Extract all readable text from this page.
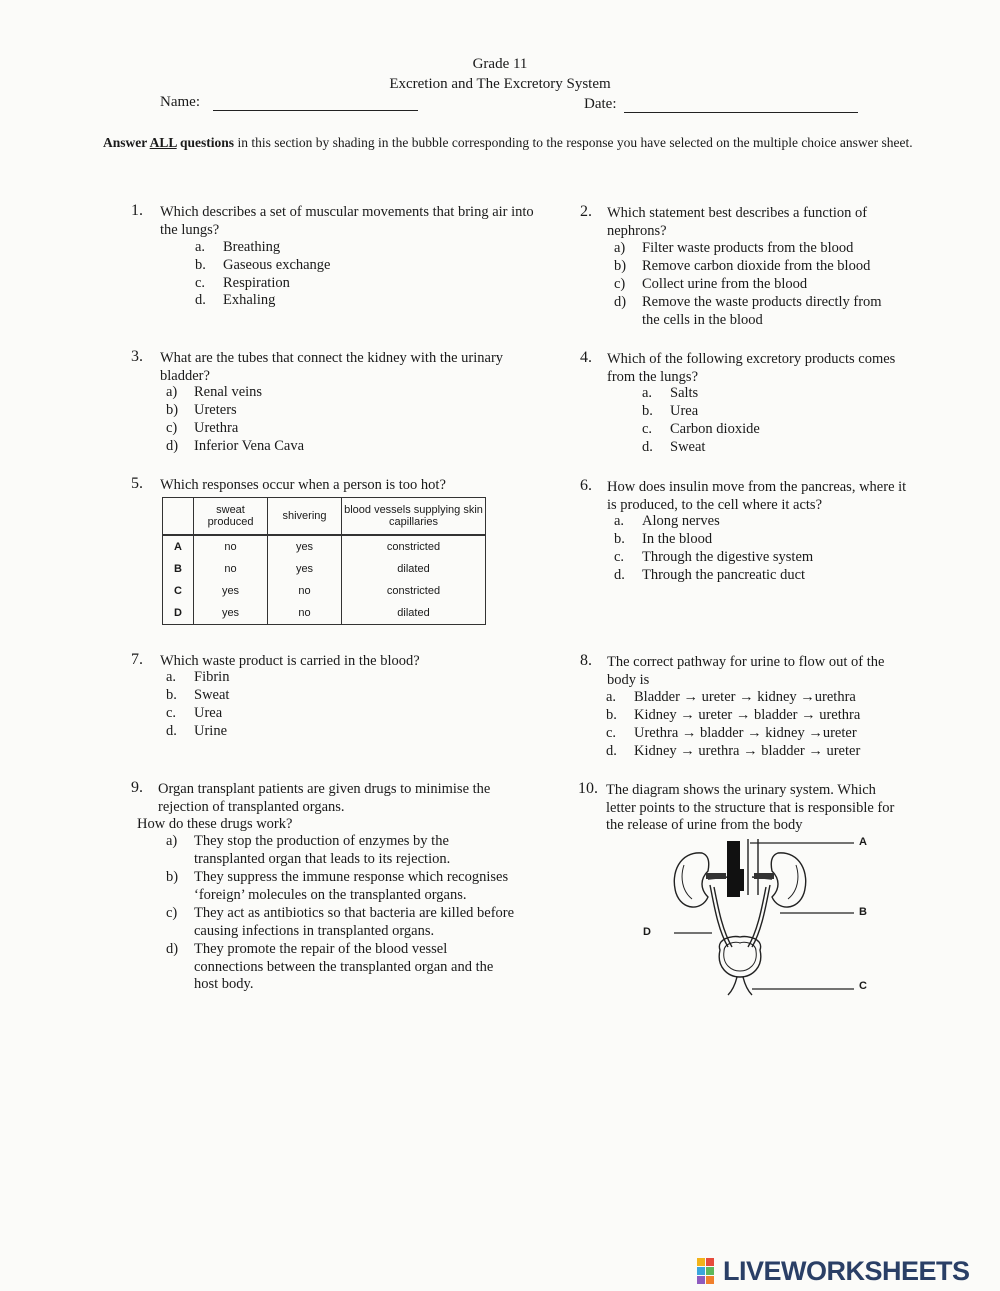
Grade 11
Excretion and The Excretory System
Name:	Date:
Answer ALL questions in this section by shading in the bubble corresponding to the response you have selected on the multiple choice answer sheet.
1. Which describes a set of muscular movements that bring air into the lungs?
a. Breathing
b. Gaseous exchange
c. Respiration
d. Exhaling
2. Which statement best describes a function of nephrons?
a) Filter waste products from the blood
b) Remove carbon dioxide from the blood
c) Collect urine from the blood
d) Remove the waste products directly from
the cells in the blood
3. What are the tubes that connect the kidney with the urinary bladder?
a) Renal veins
b) Ureters
c) Urethra
d) Inferior Vena Cava
4. Which of the following excretory products comes from the lungs?
a. Salts
b. Urea
c. Carbon dioxide
d. Sweat
5. Which responses occur when a person is too hot?
	sweat produced	shivering	blood vessels supplying skin capillaries
A	no	yes	constricted
B	no	yes	dilated
C	yes	no	constricted
D	yes	no	dilated
6. How does insulin move from the pancreas, where it is produced, to the cell where it acts?
a. Along nerves
b. In the blood
c. Through the digestive system
d. Through the pancreatic duct
7. Which waste product is carried in the blood?
a. Fibrin
b. Sweat
c. Urea
d. Urine
8. The correct pathway for urine to flow out of the body is
a. Bladder → ureter → kidney →urethra
b. Kidney → ureter → bladder → urethra
c. Urethra → bladder → kidney →ureter
d. Kidney → urethra → bladder → ureter
9. Organ transplant patients are given drugs to minimise the rejection of transplanted organs.
How do these drugs work?
a) They stop the production of enzymes by the
transplanted organ that leads to its rejection.
b) They suppress the immune response which recognises
‘foreign’ molecules on the transplanted organs.
c) They act as antibiotics so that bacteria are killed before
causing infections in transplanted organs.
d) They promote the repair of the blood vessel
connections between the transplanted organ and the
host body.
10. The diagram shows the urinary system. Which letter points to the structure that is responsible for the release of urine from the body
A
B
C
D
LIVEWORKSHEETS
